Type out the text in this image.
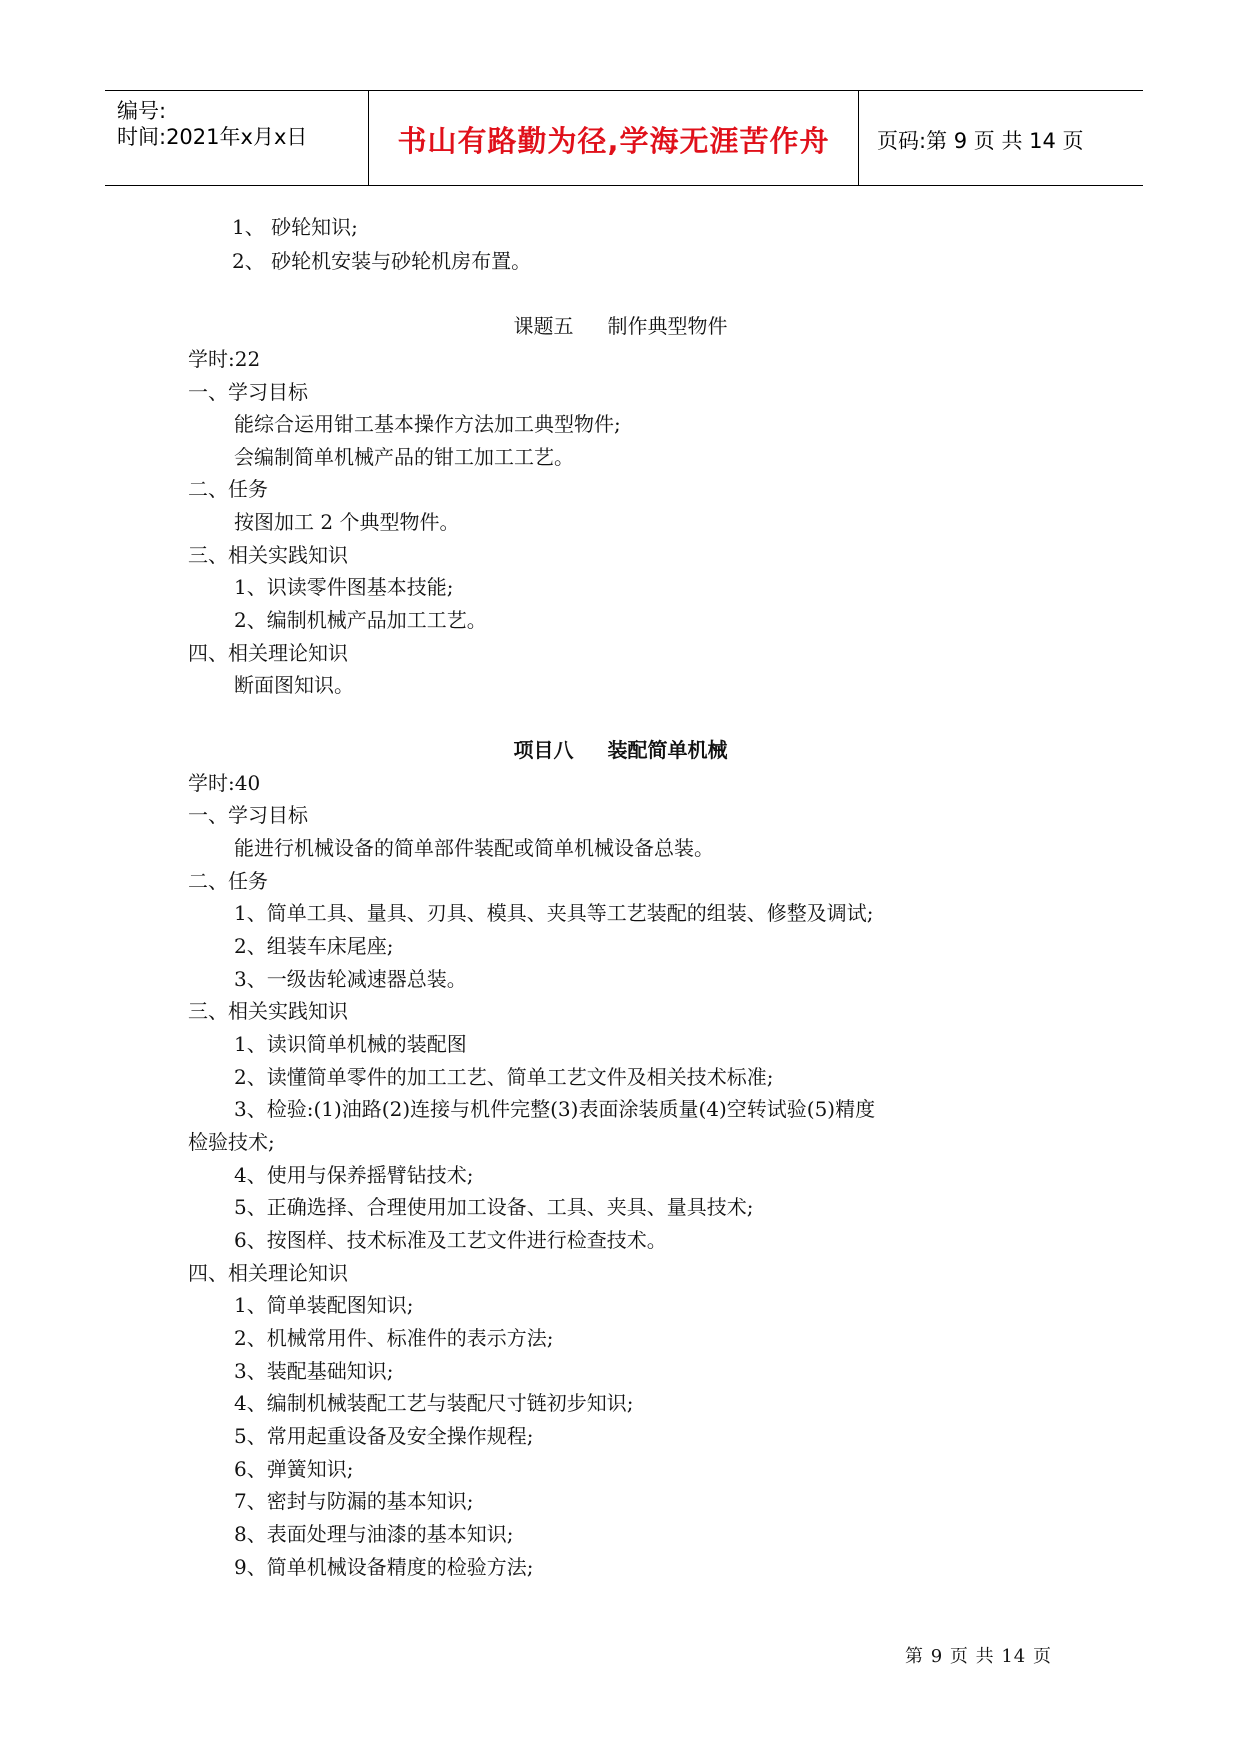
编号:
时间:2021年x月x日	书山有路勤为径,学海无涯苦作舟	页码:第 9 页 共 14 页
1、 砂轮知识;
2、 砂轮机安装与砂轮机房布置。
课题五 制作典型物件
学时:22
一、学习目标
能综合运用钳工基本操作方法加工典型物件;
会编制简单机械产品的钳工加工工艺。
二、任务
按图加工 2 个典型物件。
三、相关实践知识
1、识读零件图基本技能;
2、编制机械产品加工工艺。
四、相关理论知识
断面图知识。
项目八 装配简单机械
学时:40
一、学习目标
能进行机械设备的简单部件装配或简单机械设备总装。
二、任务
1、简单工具、量具、刃具、模具、夹具等工艺装配的组装、修整及调试;
2、组装车床尾座;
3、一级齿轮减速器总装。
三、相关实践知识
1、读识简单机械的装配图
2、读懂简单零件的加工工艺、简单工艺文件及相关技术标准;
3、检验:(1)油路(2)连接与机件完整(3)表面涂装质量(4)空转试验(5)精度
检验技术;
4、使用与保养摇臂钻技术;
5、正确选择、合理使用加工设备、工具、夹具、量具技术;
6、按图样、技术标准及工艺文件进行检查技术。
四、相关理论知识
1、简单装配图知识;
2、机械常用件、标准件的表示方法;
3、装配基础知识;
4、编制机械装配工艺与装配尺寸链初步知识;
5、常用起重设备及安全操作规程;
6、弹簧知识;
7、密封与防漏的基本知识;
8、表面处理与油漆的基本知识;
9、简单机械设备精度的检验方法;
第 9 页 共 14 页
